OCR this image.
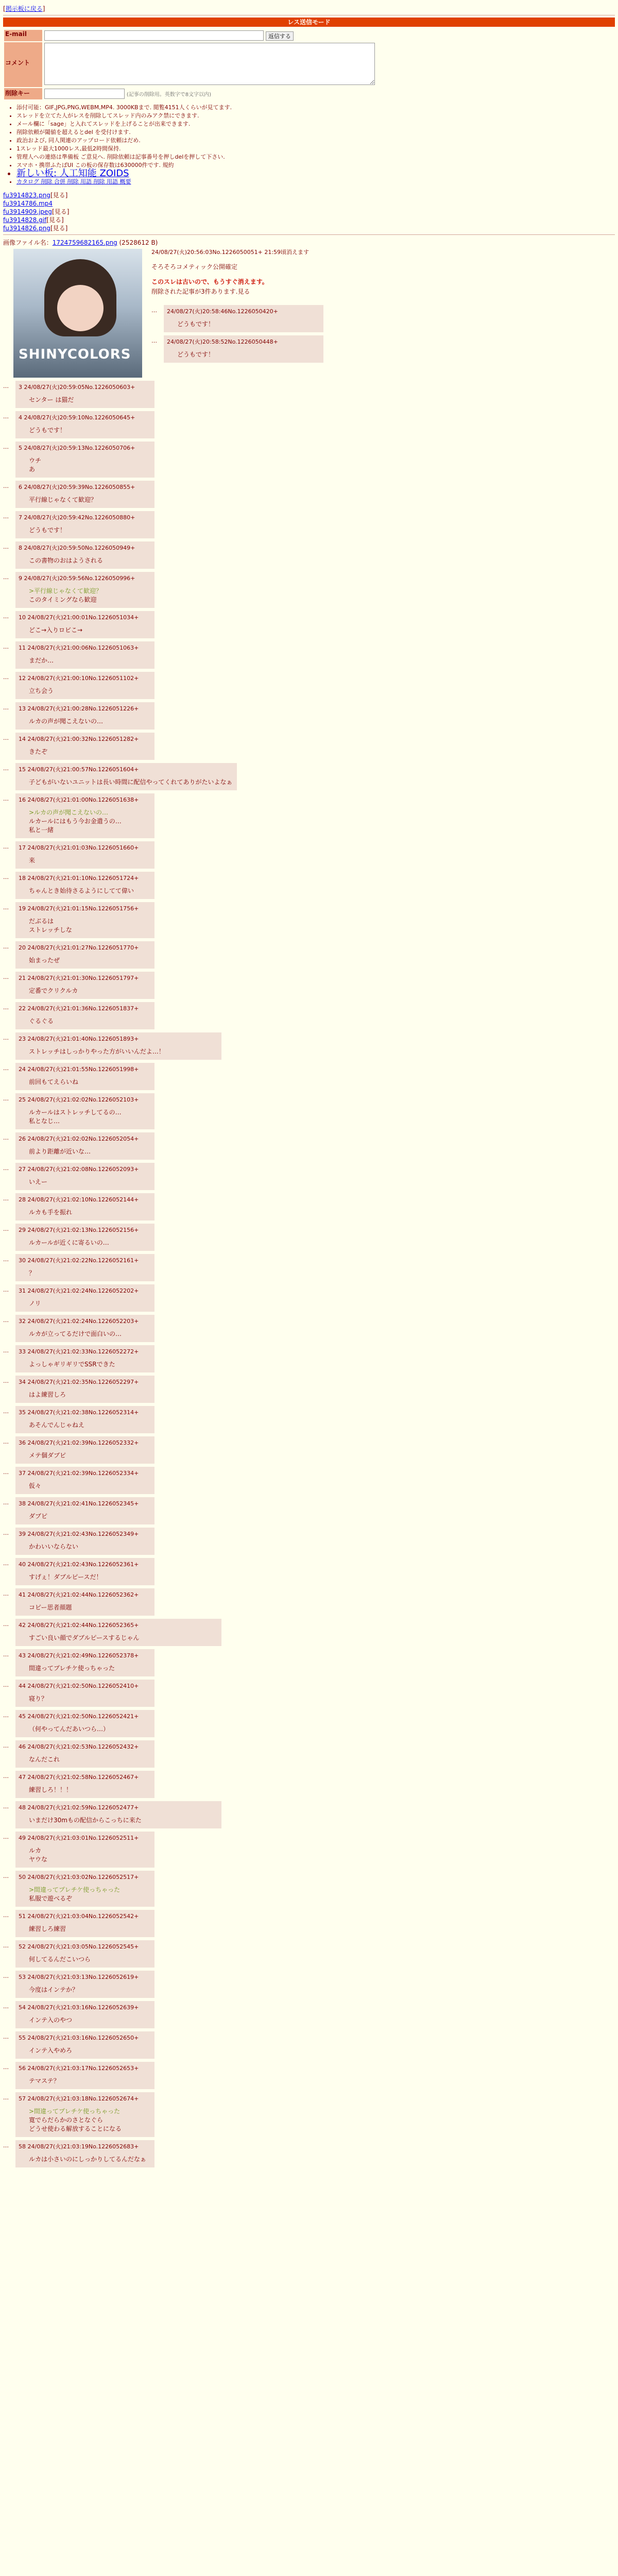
[掲示板に戻る]
レス送信モード
E-mail	返信する
コメント	
削除キー	(記事の削除用。英数字で8文字以内)
• 添付可能：GIF,JPG,PNG,WEBM,MP4. 3000KBまで. 閲覧4151人くらいが見てます.
• スレッドを立てた人がレスを削除してスレッド内のみアク禁にできます.
• メール欄に「sage」と入れてスレッドを上げることが出来できます.
• 削除依頼が閾値を超えるとdel を受付けます.
• 政治および, 同人関連のアップロード依頼はだめ.
• 1スレッド最大1000レス,最低2時間保持.
• 管理人への連絡は準備板 ご意見へ. 削除依頼は記事番号を押しdelを押して下さい.
• スマホ・携帯ふたばUI この板の保存数は630000件です. 規約
• 新しい板: 人工知能 ZOIDS
• カタログ 削除 合併 削除 用語 削除 用語 概要
fu3914823.png[見る]
fu3914786.mp4
fu3914909.jpeg[見る]
fu3914828.gif[見る]
fu3914826.png[見る]
画像ファイル名：1724759682165.png (2528612 B)
SHINYCOLORS
24/08/27(火)20:56:03No.1226050051+ 21:59頃消えます
そろそろコメティック公開確定
このスレは古いので、もうすぐ消えます。
削除された記事が3件あります.見る
…	24/08/27(火)20:58:46No.1226050420+
どうもです！
…	24/08/27(火)20:58:52No.1226050448+
どうもです！
…	3 24/08/27(火)20:59:05No.1226050603+
センター は猫だ
…	4 24/08/27(火)20:59:10No.1226050645+
どうもです！
…	5 24/08/27(火)20:59:13No.1226050706+
ウチ
あ
…	6 24/08/27(火)20:59:39No.1226050855+
平行線じゃなくて歓迎？
…	7 24/08/27(火)20:59:42No.1226050880+
どうもです！
…	8 24/08/27(火)20:59:50No.1226050949+
この書物のおはようされる
…	9 24/08/27(火)20:59:56No.1226050996+
>平行線じゃなくて歓迎？
このタイミングなら歓迎
…	10 24/08/27(火)21:00:01No.1226051034+
どこ→入りロビこ→
…	11 24/08/27(火)21:00:06No.1226051063+
まだか…
…	12 24/08/27(火)21:00:10No.1226051102+
立ち会う
…	13 24/08/27(火)21:00:28No.1226051226+
ルカの声が聞こえないの…
…	14 24/08/27(火)21:00:32No.1226051282+
きたぞ
…	15 24/08/27(火)21:00:57No.1226051604+
子どもがいないユニットは長い時間に配信やってくれてありがたいよなぁ
…	16 24/08/27(火)21:01:00No.1226051638+
>ルカの声が聞こえないの…
ルカールにはもう今お金遣うの…
私と一緒
…	17 24/08/27(火)21:01:03No.1226051660+
来
…	18 24/08/27(火)21:01:10No.1226051724+
ちゃんとき始待さるようにしてて偉い
…	19 24/08/27(火)21:01:15No.1226051756+
だぶるは
ストレッチしな
…	20 24/08/27(火)21:01:27No.1226051770+
始まったぜ
…	21 24/08/27(火)21:01:30No.1226051797+
定番でクリクルカ
…	22 24/08/27(火)21:01:36No.1226051837+
ぐるぐる
…	23 24/08/27(火)21:01:40No.1226051893+
ストレッチはしっかりやった方がいいんだよ…！
…	24 24/08/27(火)21:01:55No.1226051998+
前回もてえらいね
…	25 24/08/27(火)21:02:02No.1226052103+
ルカールはストレッチしてるの…
私となじ…
…	26 24/08/27(火)21:02:02No.1226052054+
前より距離が近いな…
…	27 24/08/27(火)21:02:08No.1226052093+
いえー
…	28 24/08/27(火)21:02:10No.1226052144+
ルカも手を振れ
…	29 24/08/27(火)21:02:13No.1226052156+
ルカールが近くに寄るいの…
…	30 24/08/27(火)21:02:22No.1226052161+
？
…	31 24/08/27(火)21:02:24No.1226052202+
ノリ
…	32 24/08/27(火)21:02:24No.1226052203+
ルカが立ってるだけで面白いの…
…	33 24/08/27(火)21:02:33No.1226052272+
よっしゃギリギリでSSRできた
…	34 24/08/27(火)21:02:35No.1226052297+
はよ練習しろ
…	35 24/08/27(火)21:02:38No.1226052314+
あそんでんじゃねえ
…	36 24/08/27(火)21:02:39No.1226052332+
メテ個ダブピ
…	37 24/08/27(火)21:02:39No.1226052334+
仮々
…	38 24/08/27(火)21:02:41No.1226052345+
ダブピ
…	39 24/08/27(火)21:02:43No.1226052349+
かわいいならない
…	40 24/08/27(火)21:02:43No.1226052361+
すげぇ！ダブルピースだ！
…	41 24/08/27(火)21:02:44No.1226052362+
コピー思者顔題
…	42 24/08/27(火)21:02:44No.1226052365+
すごい良い顔でダブルピースするじゃん
…	43 24/08/27(火)21:02:49No.1226052378+
間違ってプレチケ使っちゃった
…	44 24/08/27(火)21:02:50No.1226052410+
寝り？
…	45 24/08/27(火)21:02:50No.1226052421+
（何やってんだあいつら…）
…	46 24/08/27(火)21:02:53No.1226052432+
なんだこれ
…	47 24/08/27(火)21:02:58No.1226052467+
練習しろ！！！
…	48 24/08/27(火)21:02:59No.1226052477+
いまだけ30mもの配信からこっちに来た
…	49 24/08/27(火)21:03:01No.1226052511+
ルカ
ヤウな
…	50 24/08/27(火)21:03:02No.1226052517+
>間違ってプレチケ使っちゃった
私服で遊べるぞ
…	51 24/08/27(火)21:03:04No.1226052542+
練習しろ練習
…	52 24/08/27(火)21:03:05No.1226052545+
何してるんだこいつら
…	53 24/08/27(火)21:03:13No.1226052619+
今度はインテか？
…	54 24/08/27(火)21:03:16No.1226052639+
インテ入のやつ
…	55 24/08/27(火)21:03:16No.1226052650+
インテ入やめろ
…	56 24/08/27(火)21:03:17No.1226052653+
テマステ？
…	57 24/08/27(火)21:03:18No.1226052674+
>間違ってプレチケ使っちゃった
寛でらだらかのさとなぐら
どうせ使わる解放することになる
…	58 24/08/27(火)21:03:19No.1226052683+
ルカは小さいのにしっかりしてるんだなぁ
